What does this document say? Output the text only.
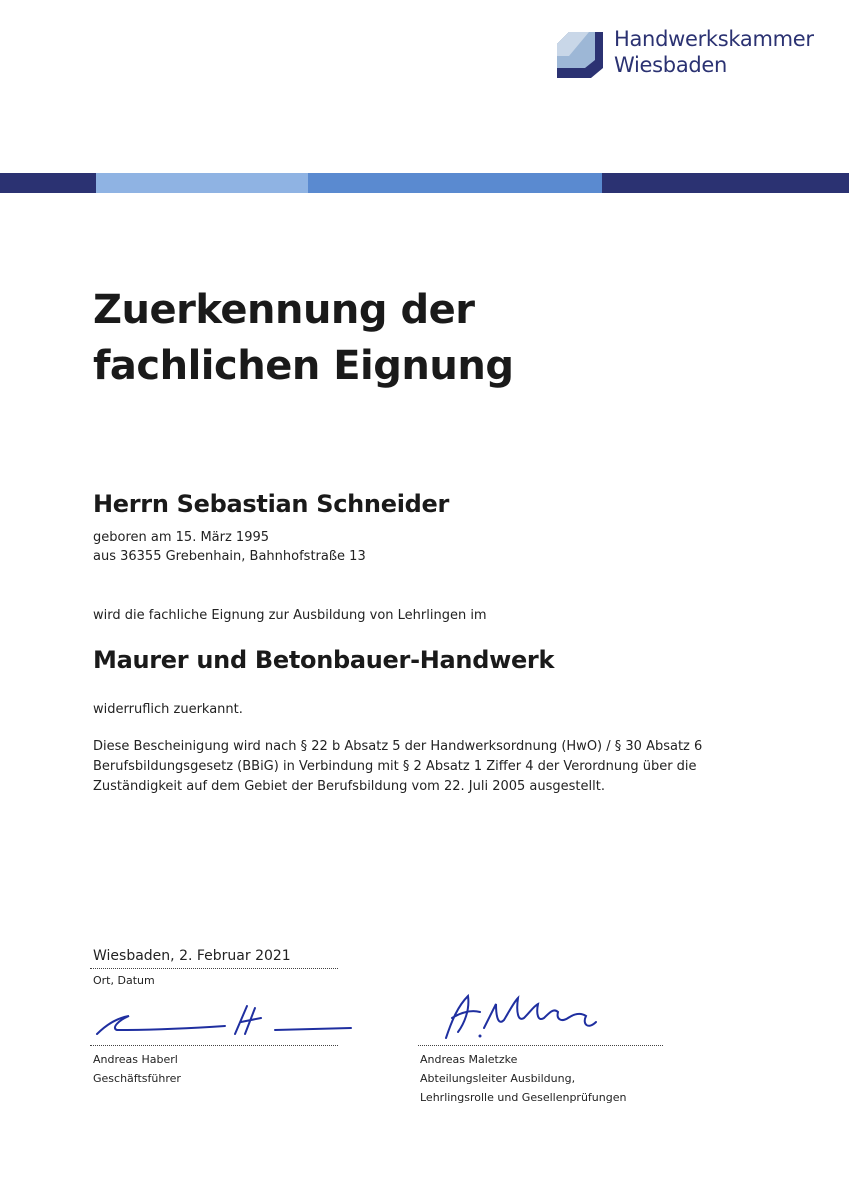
Handwerkskammer
Wiesbaden
Zuerkennung der
fachlichen Eignung
Herrn Sebastian Schneider
geboren am 15. März 1995
aus 36355 Grebenhain, Bahnhofstraße 13
wird die fachliche Eignung zur Ausbildung von Lehrlingen im
Maurer und Betonbauer-Handwerk
widerruflich zuerkannt.
Diese Bescheinigung wird nach § 22 b Absatz 5 der Handwerksordnung (HwO) / § 30 Absatz 6
Berufsbildungsgesetz (BBiG) in Verbindung mit § 2 Absatz 1 Ziffer 4 der Verordnung über die
Zuständigkeit auf dem Gebiet der Berufsbildung vom 22. Juli 2005 ausgestellt.
Wiesbaden, 2. Februar 2021
Ort, Datum
Andreas Haberl
Geschäftsführer
Andreas Maletzke
Abteilungsleiter Ausbildung,
Lehrlingsrolle und Gesellenprüfungen
